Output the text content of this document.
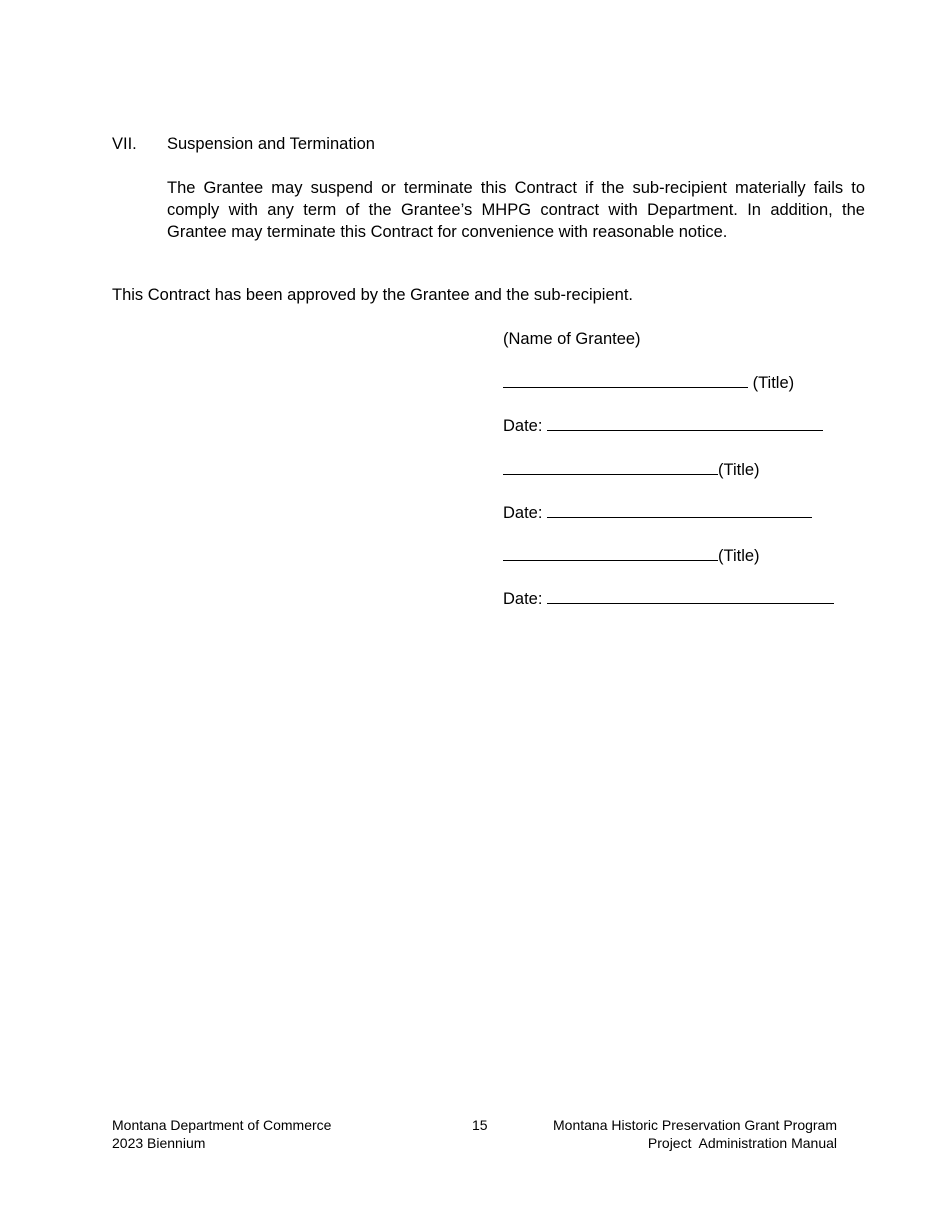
VII. Suspension and Termination
The Grantee may suspend or terminate this Contract if the sub-recipient materially fails to comply with any term of the Grantee’s MHPG contract with Department. In addition, the Grantee may terminate this Contract for convenience with reasonable notice.
This Contract has been approved by the Grantee and the sub-recipient.
(Name of Grantee)
(Title)
Date:
(Title)
Date:
(Title)
Date:
Montana Department of Commerce
2023 Biennium
15	Montana Historic Preservation Grant Program
Project  Administration Manual
